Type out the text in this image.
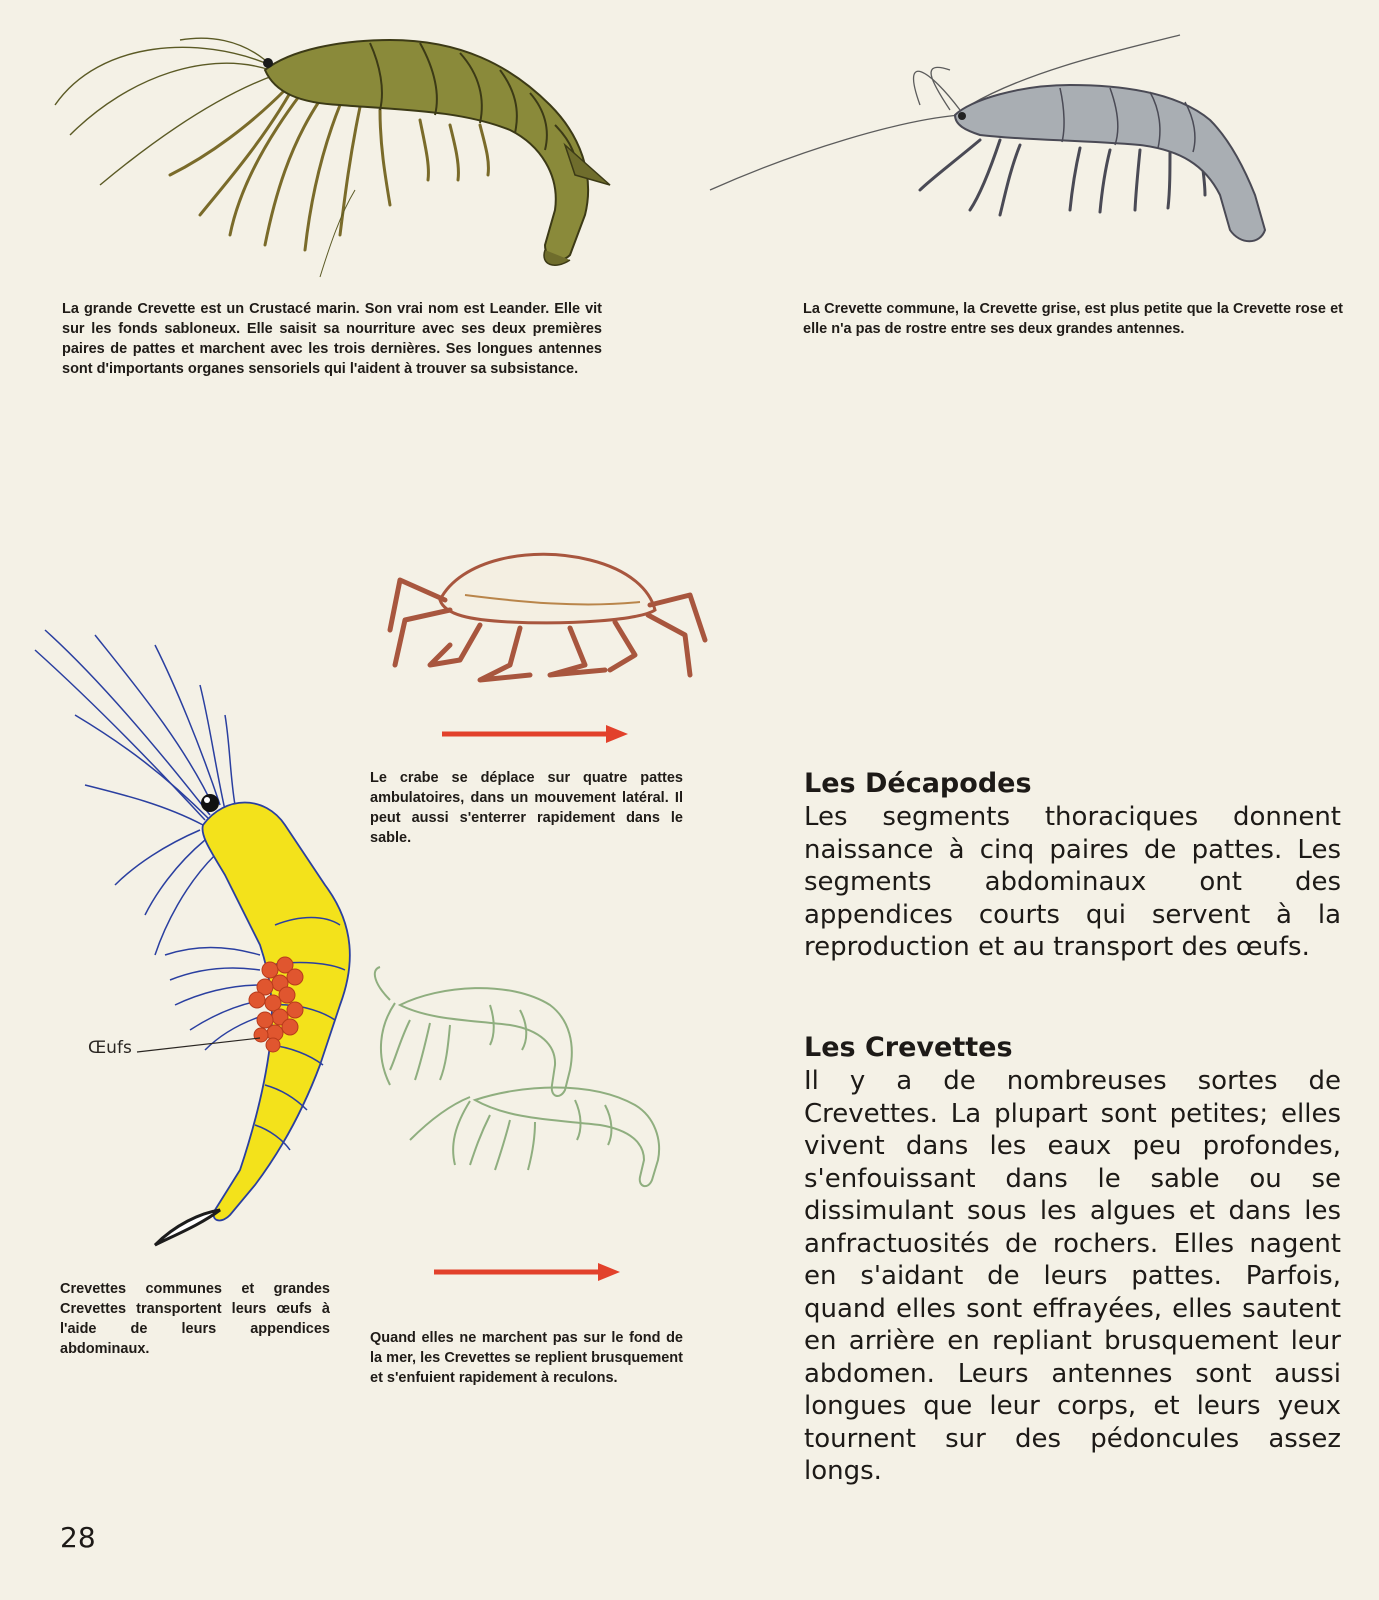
La grande Crevette est un Crustacé marin. Son vrai nom est Leander. Elle vit sur les fonds sabloneux. Elle saisit sa nourriture avec ses deux premières paires de pattes et marchent avec les trois dernières. Ses longues antennes sont d'importants organes sensoriels qui l'aident à trouver sa subsistance.

La Crevette commune, la Crevette grise, est plus petite que la Crevette rose et elle n'a pas de rostre entre ses deux grandes antennes.

Le crabe se déplace sur quatre pattes ambulatoires, dans un mouvement latéral. Il peut aussi s'enterrer rapidement dans le sable.

Crevettes communes et grandes Crevettes transportent leurs œufs à l'aide de leurs appendices abdominaux.

Quand elles ne marchent pas sur le fond de la mer, les Crevettes se replient brusquement et s'enfuient rapidement à reculons.

Œufs
Les Décapodes

Les segments thoraciques donnent naissance à cinq paires de pattes. Les segments abdominaux ont des appendices courts qui servent à la reproduction et au transport des œufs.

Les Crevettes

Il y a de nombreuses sortes de Crevettes. La plupart sont petites; elles vivent dans les eaux peu profondes, s'enfouissant dans le sable ou se dissimulant sous les algues et dans les anfractuosités de rochers. Elles nagent en s'aidant de leurs pattes. Parfois, quand elles sont effrayées, elles sautent en arrière en repliant brusquement leur abdomen. Leurs antennes sont aussi longues que leur corps, et leurs yeux tournent sur des pédoncules assez longs.

28
